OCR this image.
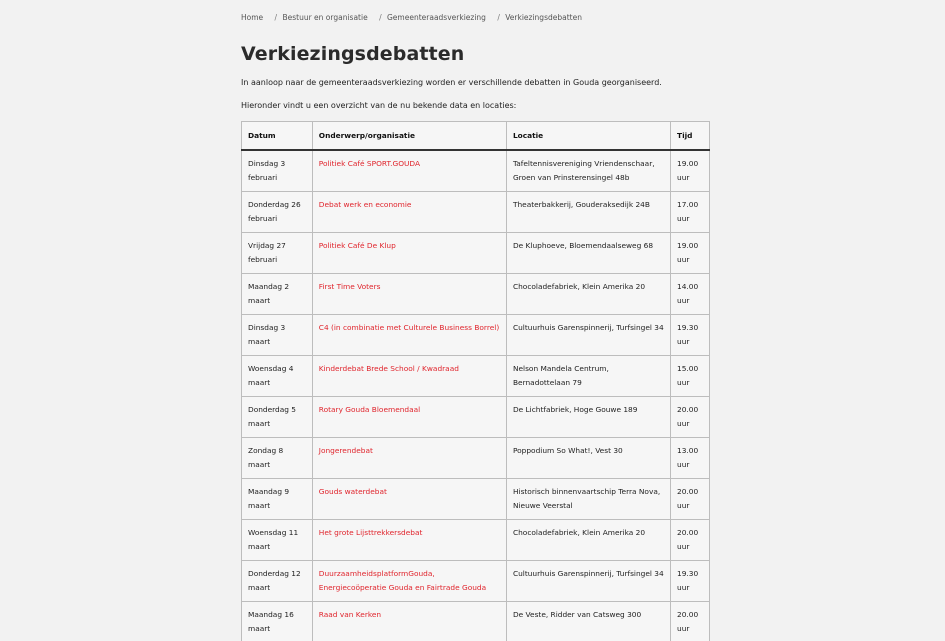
Home / Bestuur en organisatie / Gemeenteraadsverkiezing / Verkiezingsdebatten
Verkiezingsdebatten

In aanloop naar de gemeenteraadsverkiezing worden er verschillende debatten in Gouda georganiseerd.

Hieronder vindt u een overzicht van de nu bekende data en locaties:

Datum	Onderwerp/organisatie	Locatie	Tijd
Dinsdag 3 februari	Politiek Café SPORT.GOUDA	Tafeltennisvereniging Vriendenschaar, Groen van Prinsterensingel 48b	19.00 uur
Donderdag 26 februari	Debat werk en economie	Theaterbakkerij, Gouderaksedijk 24B	17.00 uur
Vrijdag 27 februari	Politiek Café De Klup	De Kluphoeve, Bloemendaalseweg 68	19.00 uur
Maandag 2 maart	First Time Voters	Chocoladefabriek, Klein Amerika 20	14.00 uur
Dinsdag 3 maart	C4 (in combinatie met Culturele Business Borrel)	Cultuurhuis Garenspinnerij, Turfsingel 34	19.30 uur
Woensdag 4 maart	Kinderdebat Brede School / Kwadraad	Nelson Mandela Centrum, Bernadottelaan 79	15.00 uur
Donderdag 5 maart	Rotary Gouda Bloemendaal	De Lichtfabriek, Hoge Gouwe 189	20.00 uur
Zondag 8 maart	Jongerendebat	Poppodium So What!, Vest 30	13.00 uur
Maandag 9 maart	Gouds waterdebat	Historisch binnenvaartschip Terra Nova, Nieuwe Veerstal	20.00 uur
Woensdag 11 maart	Het grote Lijsttrekkersdebat	Chocoladefabriek, Klein Amerika 20	20.00 uur
Donderdag 12 maart	DuurzaamheidsplatformGouda, Energiecoöperatie Gouda en Fairtrade Gouda	Cultuurhuis Garenspinnerij, Turfsingel 34	19.30 uur
Maandag 16 maart	Raad van Kerken	De Veste, Ridder van Catsweg 300	20.00 uur
